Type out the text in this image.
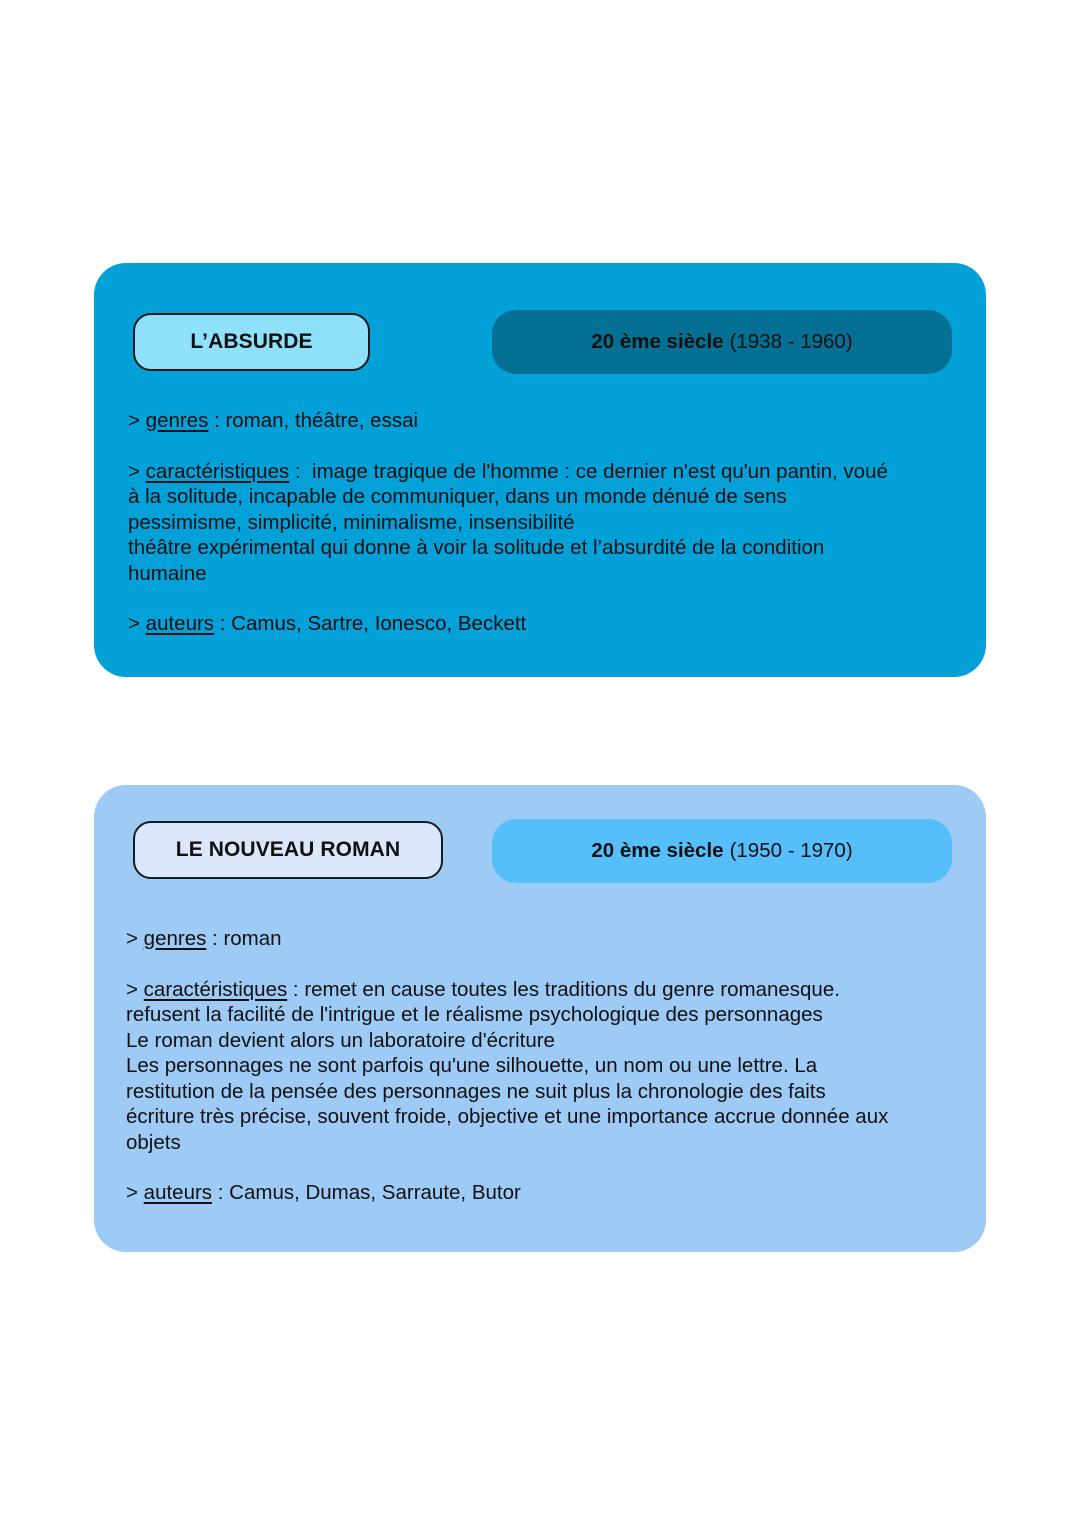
L’ABSURDE	20 ème siècle (1938 - 1960)
> genres : roman, théâtre, essai
> caractéristiques :  image tragique de l'homme : ce dernier n'est qu'un pantin, voué
à la solitude, incapable de communiquer, dans un monde dénué de sens
pessimisme, simplicité, minimalisme, insensibilité
théâtre expérimental qui donne à voir la solitude et l’absurdité de la condition
humaine
> auteurs : Camus, Sartre, Ionesco, Beckett
LE NOUVEAU ROMAN	20 ème siècle (1950 - 1970)
> genres : roman
> caractéristiques : remet en cause toutes les traditions du genre romanesque.
refusent la facilité de l'intrigue et le réalisme psychologique des personnages
Le roman devient alors un laboratoire d'écriture
Les personnages ne sont parfois qu'une silhouette, un nom ou une lettre. La
restitution de la pensée des personnages ne suit plus la chronologie des faits
écriture très précise, souvent froide, objective et une importance accrue donnée aux
objets
> auteurs : Camus, Dumas, Sarraute, Butor
